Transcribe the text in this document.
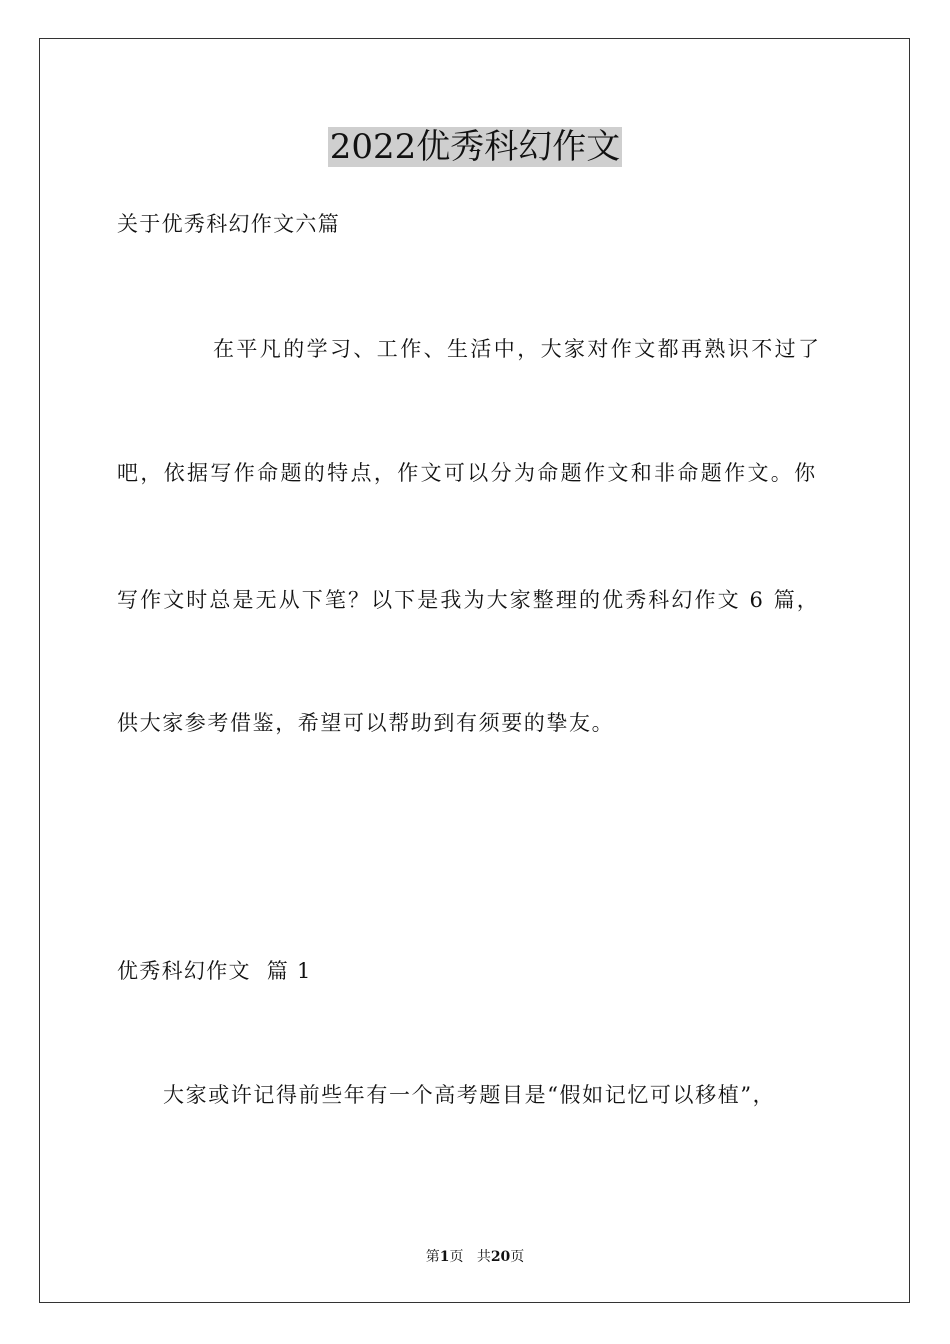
2022优秀科幻作文
关于优秀科幻作文六篇
在平凡的学习、工作、生活中，大家对作文都再熟识不过了
吧，依据写作命题的特点，作文可以分为命题作文和非命题作文。你
写作文时总是无从下笔？以下是我为大家整理的优秀科幻作文 6 篇，
供大家参考借鉴，希望可以帮助到有须要的挚友。
优秀科幻作文  篇 1
大家或许记得前些年有一个高考题目是“假如记忆可以移植”，
第1页 共20页
